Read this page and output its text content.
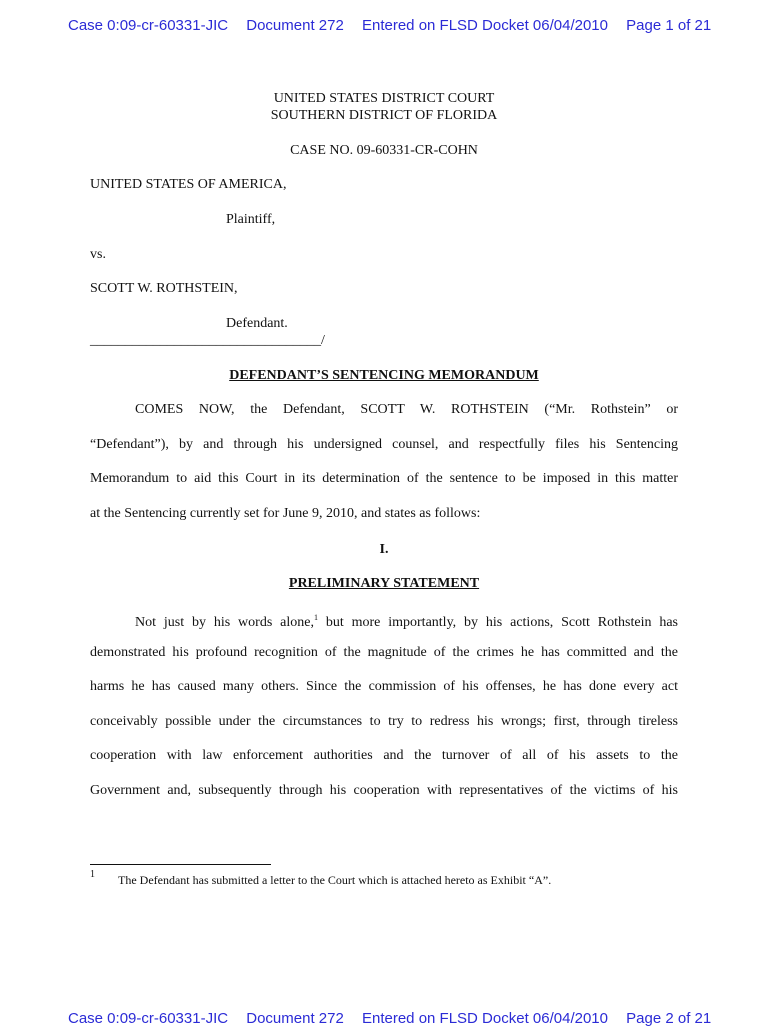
Case 0:09-cr-60331-JIC Document 272 Entered on FLSD Docket 06/04/2010 Page 1 of 21
UNITED STATES DISTRICT COURT
SOUTHERN DISTRICT OF FLORIDA
CASE NO. 09-60331-CR-COHN
UNITED STATES OF AMERICA,
Plaintiff,
vs.
SCOTT W. ROTHSTEIN,
Defendant.
_________________________________/
DEFENDANT’S SENTENCING MEMORANDUM
COMES NOW, the Defendant, SCOTT W. ROTHSTEIN (“Mr. Rothstein” or
“Defendant”), by and through his undersigned counsel, and respectfully files his Sentencing
Memorandum to aid this Court in its determination of the sentence to be imposed in this matter
at the Sentencing currently set for June 9, 2010, and states as follows:
I.
PRELIMINARY STATEMENT
Not just by his words alone,$^1$ but more importantly, by his actions, Scott Rothstein has
demonstrated his profound recognition of the magnitude of the crimes he has committed and the
harms he has caused many others. Since the commission of his offenses, he has done every act
conceivably possible under the circumstances to try to redress his wrongs; first, through tireless
cooperation with law enforcement authorities and the turnover of all of his assets to the
Government and, subsequently through his cooperation with representatives of the victims of his
1 The Defendant has submitted a letter to the Court which is attached hereto as Exhibit “A”.
Case 0:09-cr-60331-JIC Document 272 Entered on FLSD Docket 06/04/2010 Page 2 of 21
